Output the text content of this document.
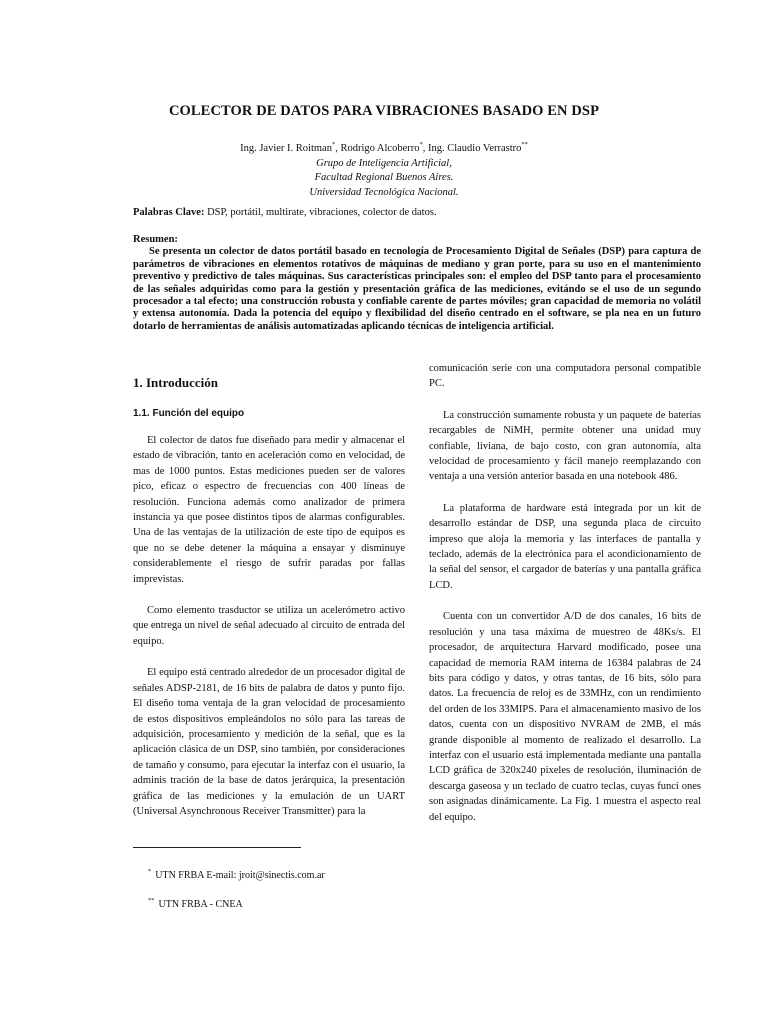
COLECTOR DE DATOS PARA VIBRACIONES BASADO EN DSP
Ing. Javier I. Roitman*, Rodrigo Alcoberro*, Ing. Claudio Verrastro**
Grupo de Inteligencia Artificial,
Facultad Regional Buenos Aires.
Universidad Tecnológica Nacional.
Palabras Clave: DSP, portátil, multirate, vibraciones, colector de datos.
Resumen:
Se presenta un colector de datos portátil basado en tecnología de Procesamiento Digital de Señales (DSP) para captura de parámetros de vibraciones en elementos rotativos de máquinas de mediano y gran porte, para su uso en el mantenimiento preventivo y predictivo de tales máquinas. Sus características principales son: el empleo del DSP tanto para el procesamiento de las señales adquiridas como para la gestión y presentación gráfica de las mediciones, evitándo se el uso de un segundo procesador a tal efecto; una construcción robusta y confiable carente de partes móviles; gran capacidad de memoria no volátil y extensa autonomía. Dada la potencia del equipo y flexibilidad del diseño centrado en el software, se pla nea en un futuro dotarlo de herramientas de análisis automatizadas aplicando técnicas de inteligencia artificial.
1. Introducción
1.1. Función del equipo

El colector de datos fue diseñado para medir y almacenar el estado de vibración, tanto en aceleración como en velocidad, de mas de 1000 puntos. Estas mediciones pueden ser de valores pico, eficaz o espectro de frecuencias con 400 líneas de resolución. Funciona además como analizador de primera instancia ya que posee distintos tipos de alarmas configurables. Una de las ventajas de la utilización de este tipo de equipos es que no se debe detener la máquina a ensayar y disminuye considerablemente el riesgo de sufrir paradas por fallas imprevistas.

Como elemento trasductor se utiliza un acelerómetro activo que entrega un nivel de señal adecuado al circuito de entrada del equipo.

El equipo está centrado alrededor de un procesador digital de señales ADSP-2181, de 16 bits de palabra de datos y punto fijo. El diseño toma ventaja de la gran velocidad de procesamiento de estos dispositivos empleándolos no sólo para las tareas de adquisición, procesamiento y medición de la señal, que es la aplicación clásica de un DSP, sino también, por consideraciones de tamaño y consumo, para ejecutar la interfaz con el usuario, la adminis tración de la base de datos jerárquica, la presentación gráfica de las mediciones y la emulación de un UART (Universal Asynchronous Receiver Transmitter) para la

comunicación serie con una computadora personal compatible PC.

La construcción sumamente robusta y un paquete de baterías recargables de NiMH, permite obtener una unidad muy confiable, liviana, de bajo costo, con gran autonomía, alta velocidad de procesamiento y fácil manejo reemplazando con ventaja a una versión anterior basada en una notebook 486.

La plataforma de hardware está integrada por un kit de desarrollo estándar de DSP, una segunda placa de circuito impreso que aloja la memoria y las interfaces de pantalla y teclado, además de la electrónica para el acondicionamiento de la señal del sensor, el cargador de baterías y una pantalla gráfica LCD.

Cuenta con un convertidor A/D de dos canales, 16 bits de resolución y una tasa máxima de muestreo de 48Ks/s. El procesador, de arquitectura Harvard modificado, posee una capacidad de memoria RAM interna de 16384 palabras de 24 bits para código y datos, y otras tantas, de 16 bits, sólo para datos. La frecuencia de reloj es de 33MHz, con un rendimiento del orden de los 33MIPS. Para el almacenamiento masivo de los datos, cuenta con un dispositivo NVRAM de 2MB, el más grande disponible al momento de realizado el desarrollo. La interfaz con el usuario está implementada mediante una pantalla LCD gráfica de 320x240 pixeles de resolución, iluminación de descarga gaseosa y un teclado de cuatro teclas, cuyas funci ones son asignadas dinámicamente. La Fig. 1 muestra el aspecto real del equipo.

* UTN FRBA E-mail: jroit@sinectis.com.ar
** UTN FRBA - CNEA
